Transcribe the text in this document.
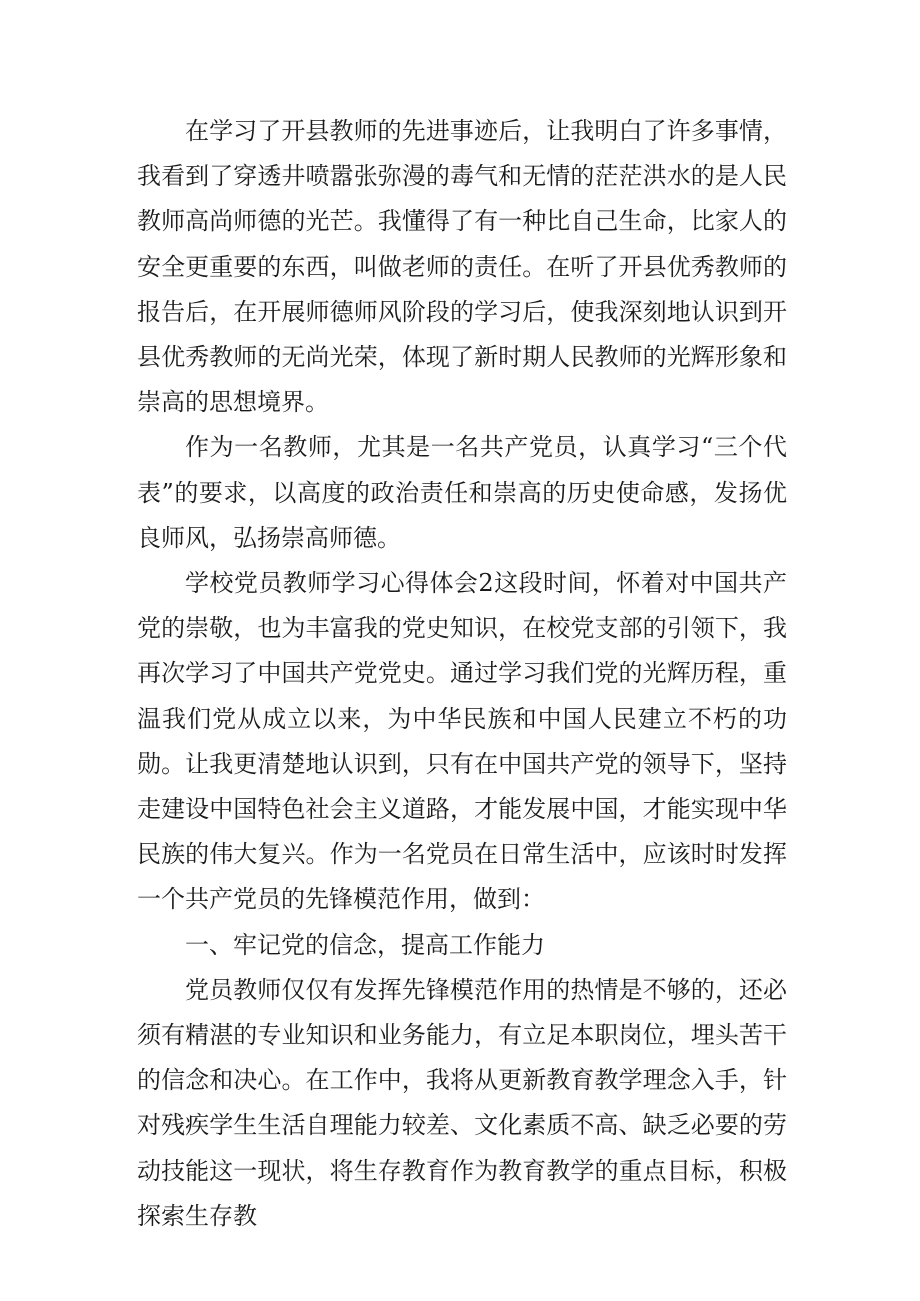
在学习了开县教师的先进事迹后，让我明白了许多事情，我看到了穿透井喷嚣张弥漫的毒气和无情的茫茫洪水的是人民教师高尚师德的光芒。我懂得了有一种比自己生命，比家人的安全更重要的东西，叫做老师的责任。在听了开县优秀教师的报告后，在开展师德师风阶段的学习后，使我深刻地认识到开县优秀教师的无尚光荣，体现了新时期人民教师的光辉形象和崇高的思想境界。

作为一名教师，尤其是一名共产党员，认真学习“三个代表”的要求，以高度的政治责任和崇高的历史使命感，发扬优良师风，弘扬崇高师德。

学校党员教师学习心得体会2这段时间，怀着对中国共产党的崇敬，也为丰富我的党史知识，在校党支部的引领下，我再次学习了中国共产党党史。通过学习我们党的光辉历程，重温我们党从成立以来，为中华民族和中国人民建立不朽的功勋。让我更清楚地认识到，只有在中国共产党的领导下，坚持走建设中国特色社会主义道路，才能发展中国，才能实现中华民族的伟大复兴。作为一名党员在日常生活中，应该时时发挥一个共产党员的先锋模范作用，做到：

一、牢记党的信念，提高工作能力

党员教师仅仅有发挥先锋模范作用的热情是不够的，还必须有精湛的专业知识和业务能力，有立足本职岗位，埋头苦干的信念和决心。在工作中，我将从更新教育教学理念入手，针对残疾学生生活自理能力较差、文化素质不高、缺乏必要的劳动技能这一现状，将生存教育作为教育教学的重点目标，积极探索生存教
